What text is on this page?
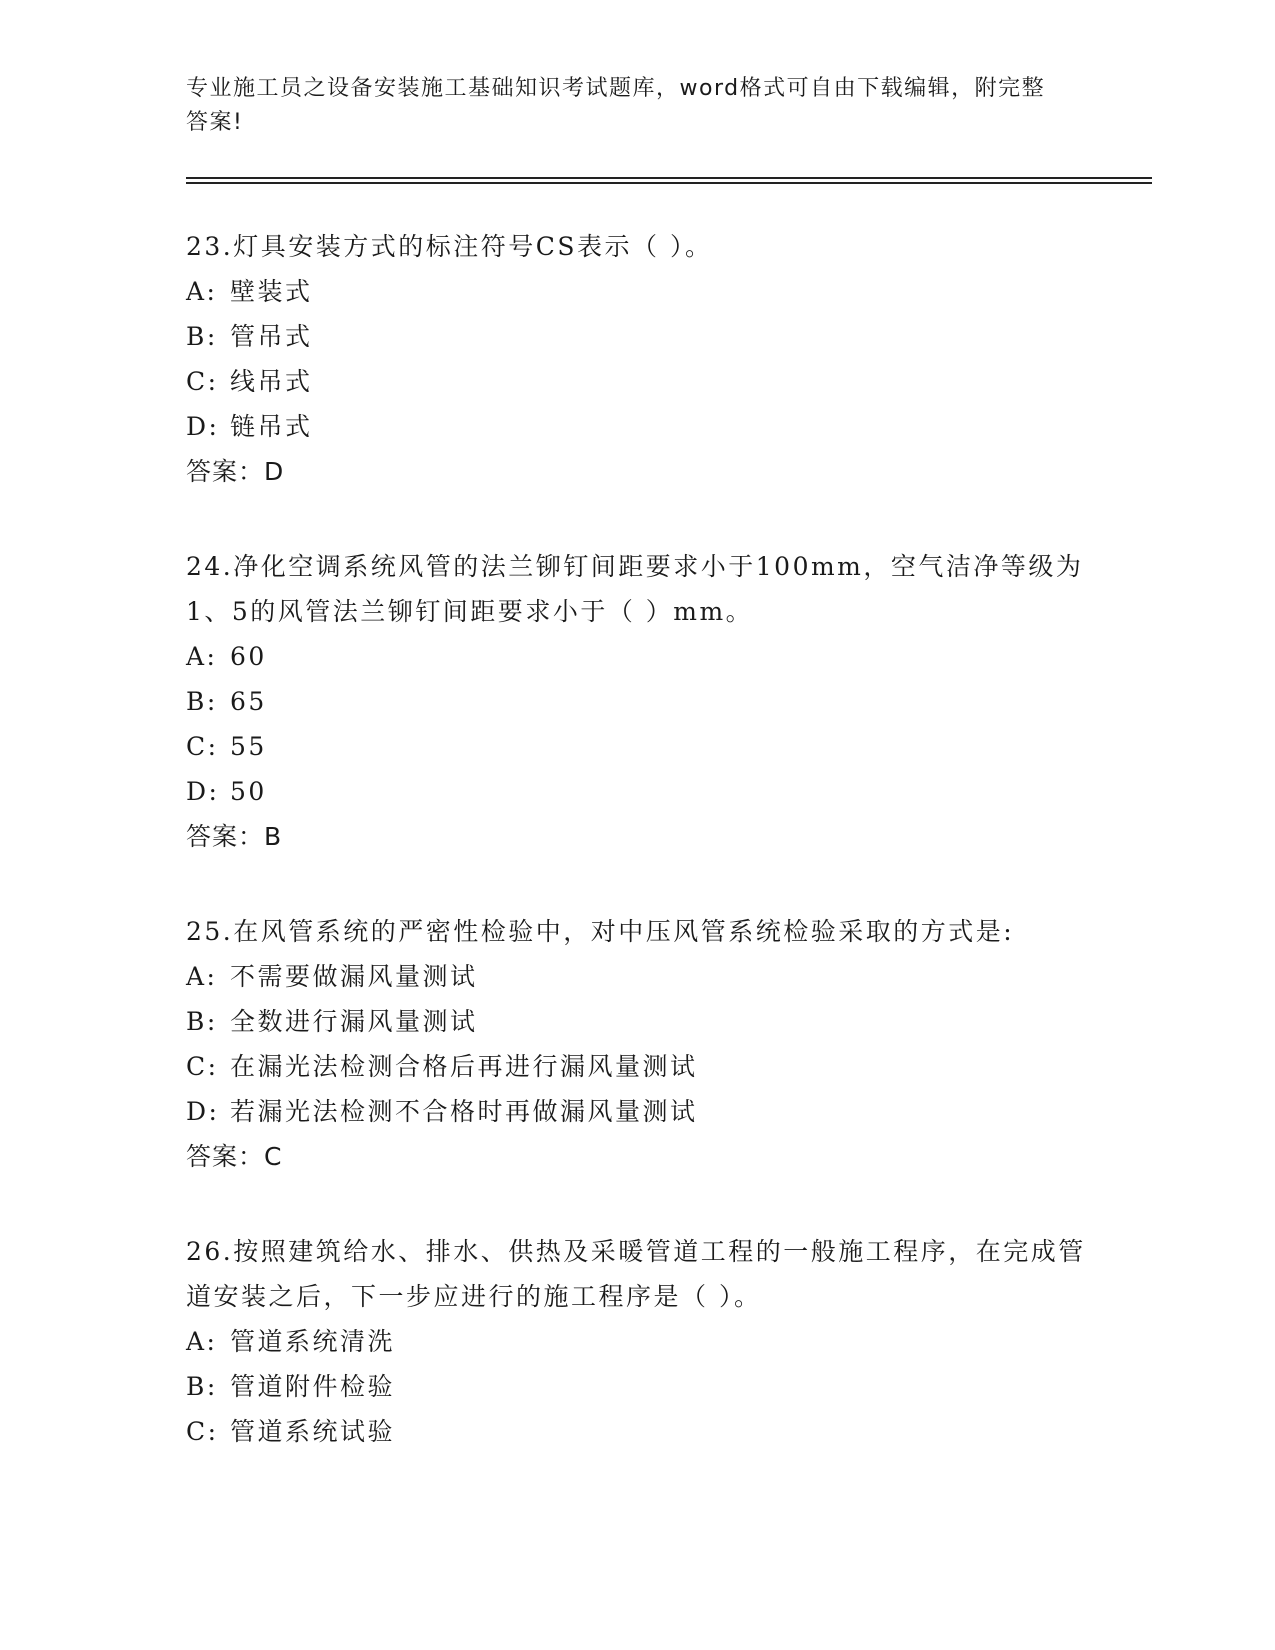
专业施工员之设备安装施工基础知识考试题库，word格式可自由下载编辑，附完整答案!

23.灯具安装方式的标注符号CS表示（ ）。

A: 壁装式

B: 管吊式

C: 线吊式

D: 链吊式

答案：D

24.净化空调系统风管的法兰铆钉间距要求小于100mm，空气洁净等级为1、5的风管法兰铆钉间距要求小于（ ）mm。

A: 60

B: 65

C: 55

D: 50

答案：B

25.在风管系统的严密性检验中，对中压风管系统检验采取的方式是:

A: 不需要做漏风量测试

B: 全数进行漏风量测试

C: 在漏光法检测合格后再进行漏风量测试

D: 若漏光法检测不合格时再做漏风量测试

答案：C

26.按照建筑给水、排水、供热及采暖管道工程的一般施工程序，在完成管道安装之后，下一步应进行的施工程序是（ ）。

A: 管道系统清洗

B: 管道附件检验

C: 管道系统试验
